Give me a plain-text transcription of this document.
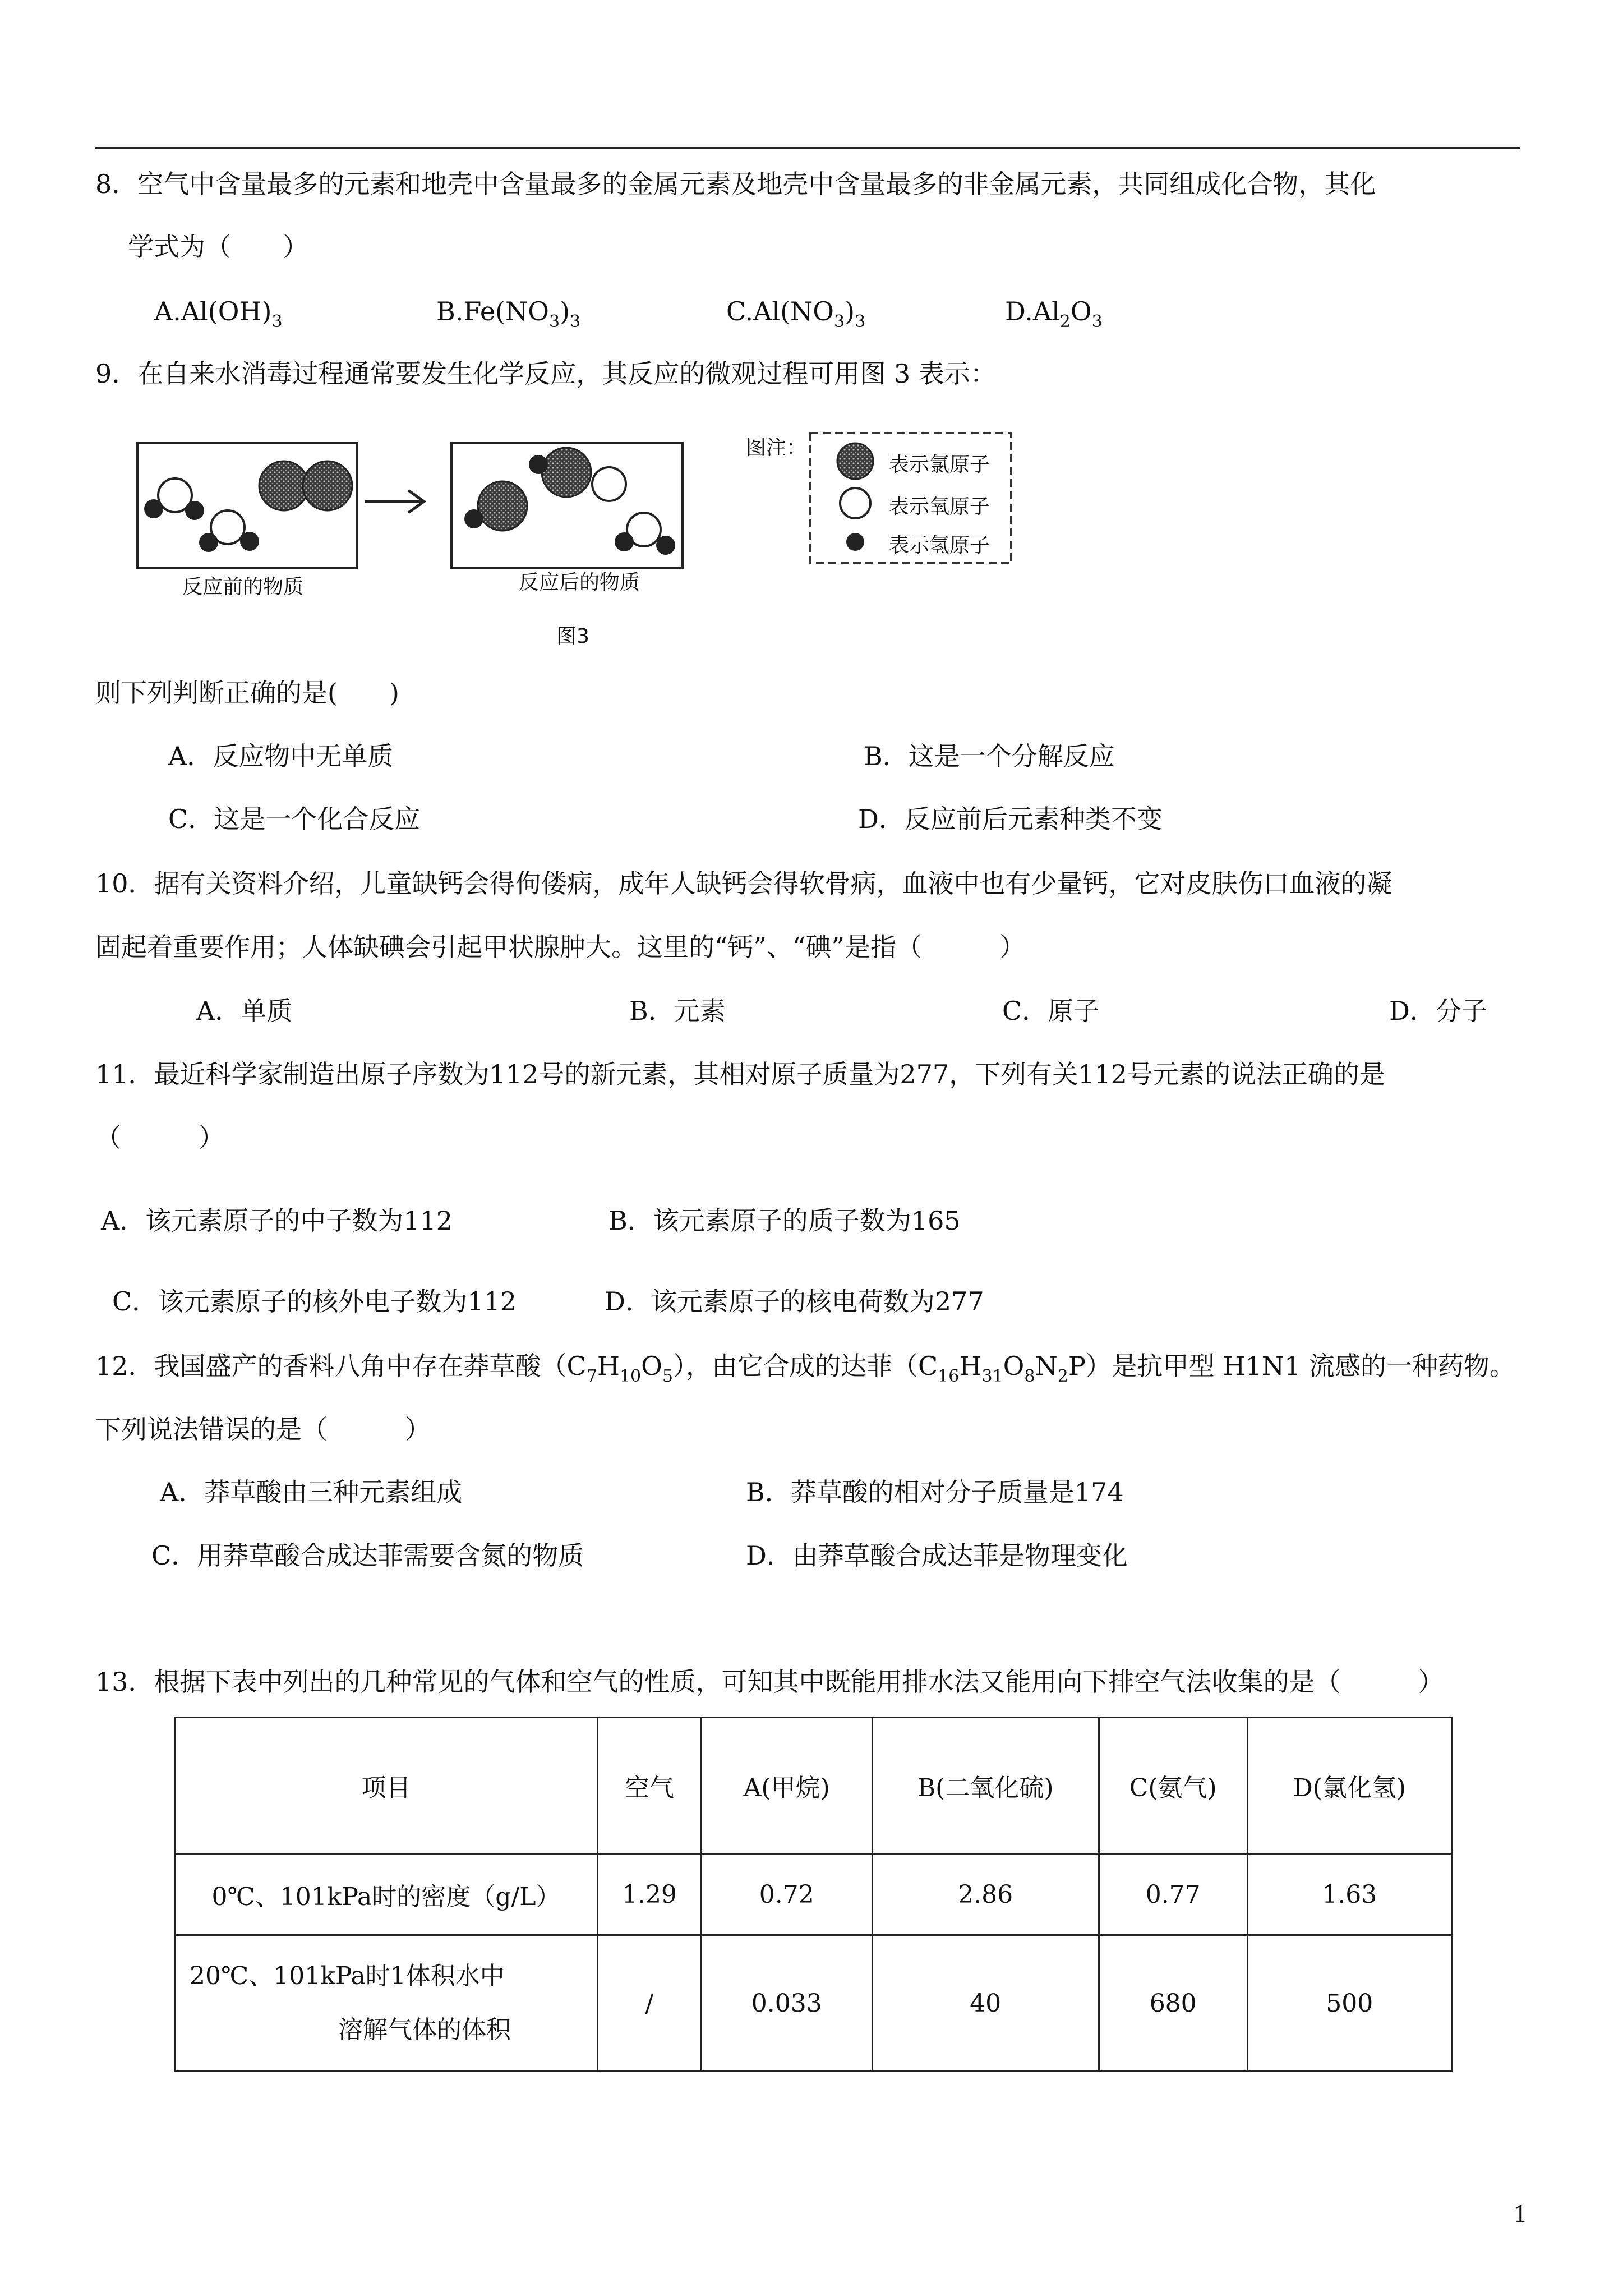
8．空气中含量最多的元素和地壳中含量最多的金属元素及地壳中含量最多的非金属元素，共同组成化合物，其化
学式为（　　）
$A.Al(OH)_3$	$B.Fe(NO_3)_3$	$C.Al(NO_3)_3$	$D.Al_2O_3$
9．在自来水消毒过程通常要发生化学反应，其反应的微观过程可用图 3 表示：
图注：
表示氯原子
表示氧原子
表示氢原子
反应前的物质	反应后的物质
图3
则下列判断正确的是(　　)
A．反应物中无单质	B．这是一个分解反应
C．这是一个化合反应	D．反应前后元素种类不变
10．据有关资料介绍，儿童缺钙会得佝偻病，成年人缺钙会得软骨病，血液中也有少量钙，它对皮肤伤口血液的凝
固起着重要作用；人体缺碘会引起甲状腺肿大。这里的“钙”、“碘”是指（　　　）
A．单质	B．元素	C．原子	D．分子
11．最近科学家制造出原子序数为112号的新元素，其相对原子质量为277，下列有关112号元素的说法正确的是
（　　　）
A．该元素原子的中子数为112	B．该元素原子的质子数为165
C．该元素原子的核外电子数为112	D．该元素原子的核电荷数为277
12．我国盛产的香料八角中存在莽草酸$(C_7H_{10}O_5)$，由它合成的达菲$(C_{16}H_{31}O_8N_2P)$是抗甲型 H1N1 流感的一种药物。
下列说法错误的是（　　　）
A．莽草酸由三种元素组成	B．莽草酸的相对分子质量是174
C．用莽草酸合成达菲需要含氮的物质	D．由莽草酸合成达菲是物理变化
13．根据下表中列出的几种常见的气体和空气的性质，可知其中既能用排水法又能用向下排空气法收集的是（　　　）
项目	空气	A(甲烷)	B(二氧化硫)	C(氨气)	D(氯化氢)
0℃、101kPa时的密度（g/L）	1.29	0.72	2.86	0.77	1.63

20℃、101kPa时1体积水中
溶解气体的体积	/	0.033	40	680	500
1
